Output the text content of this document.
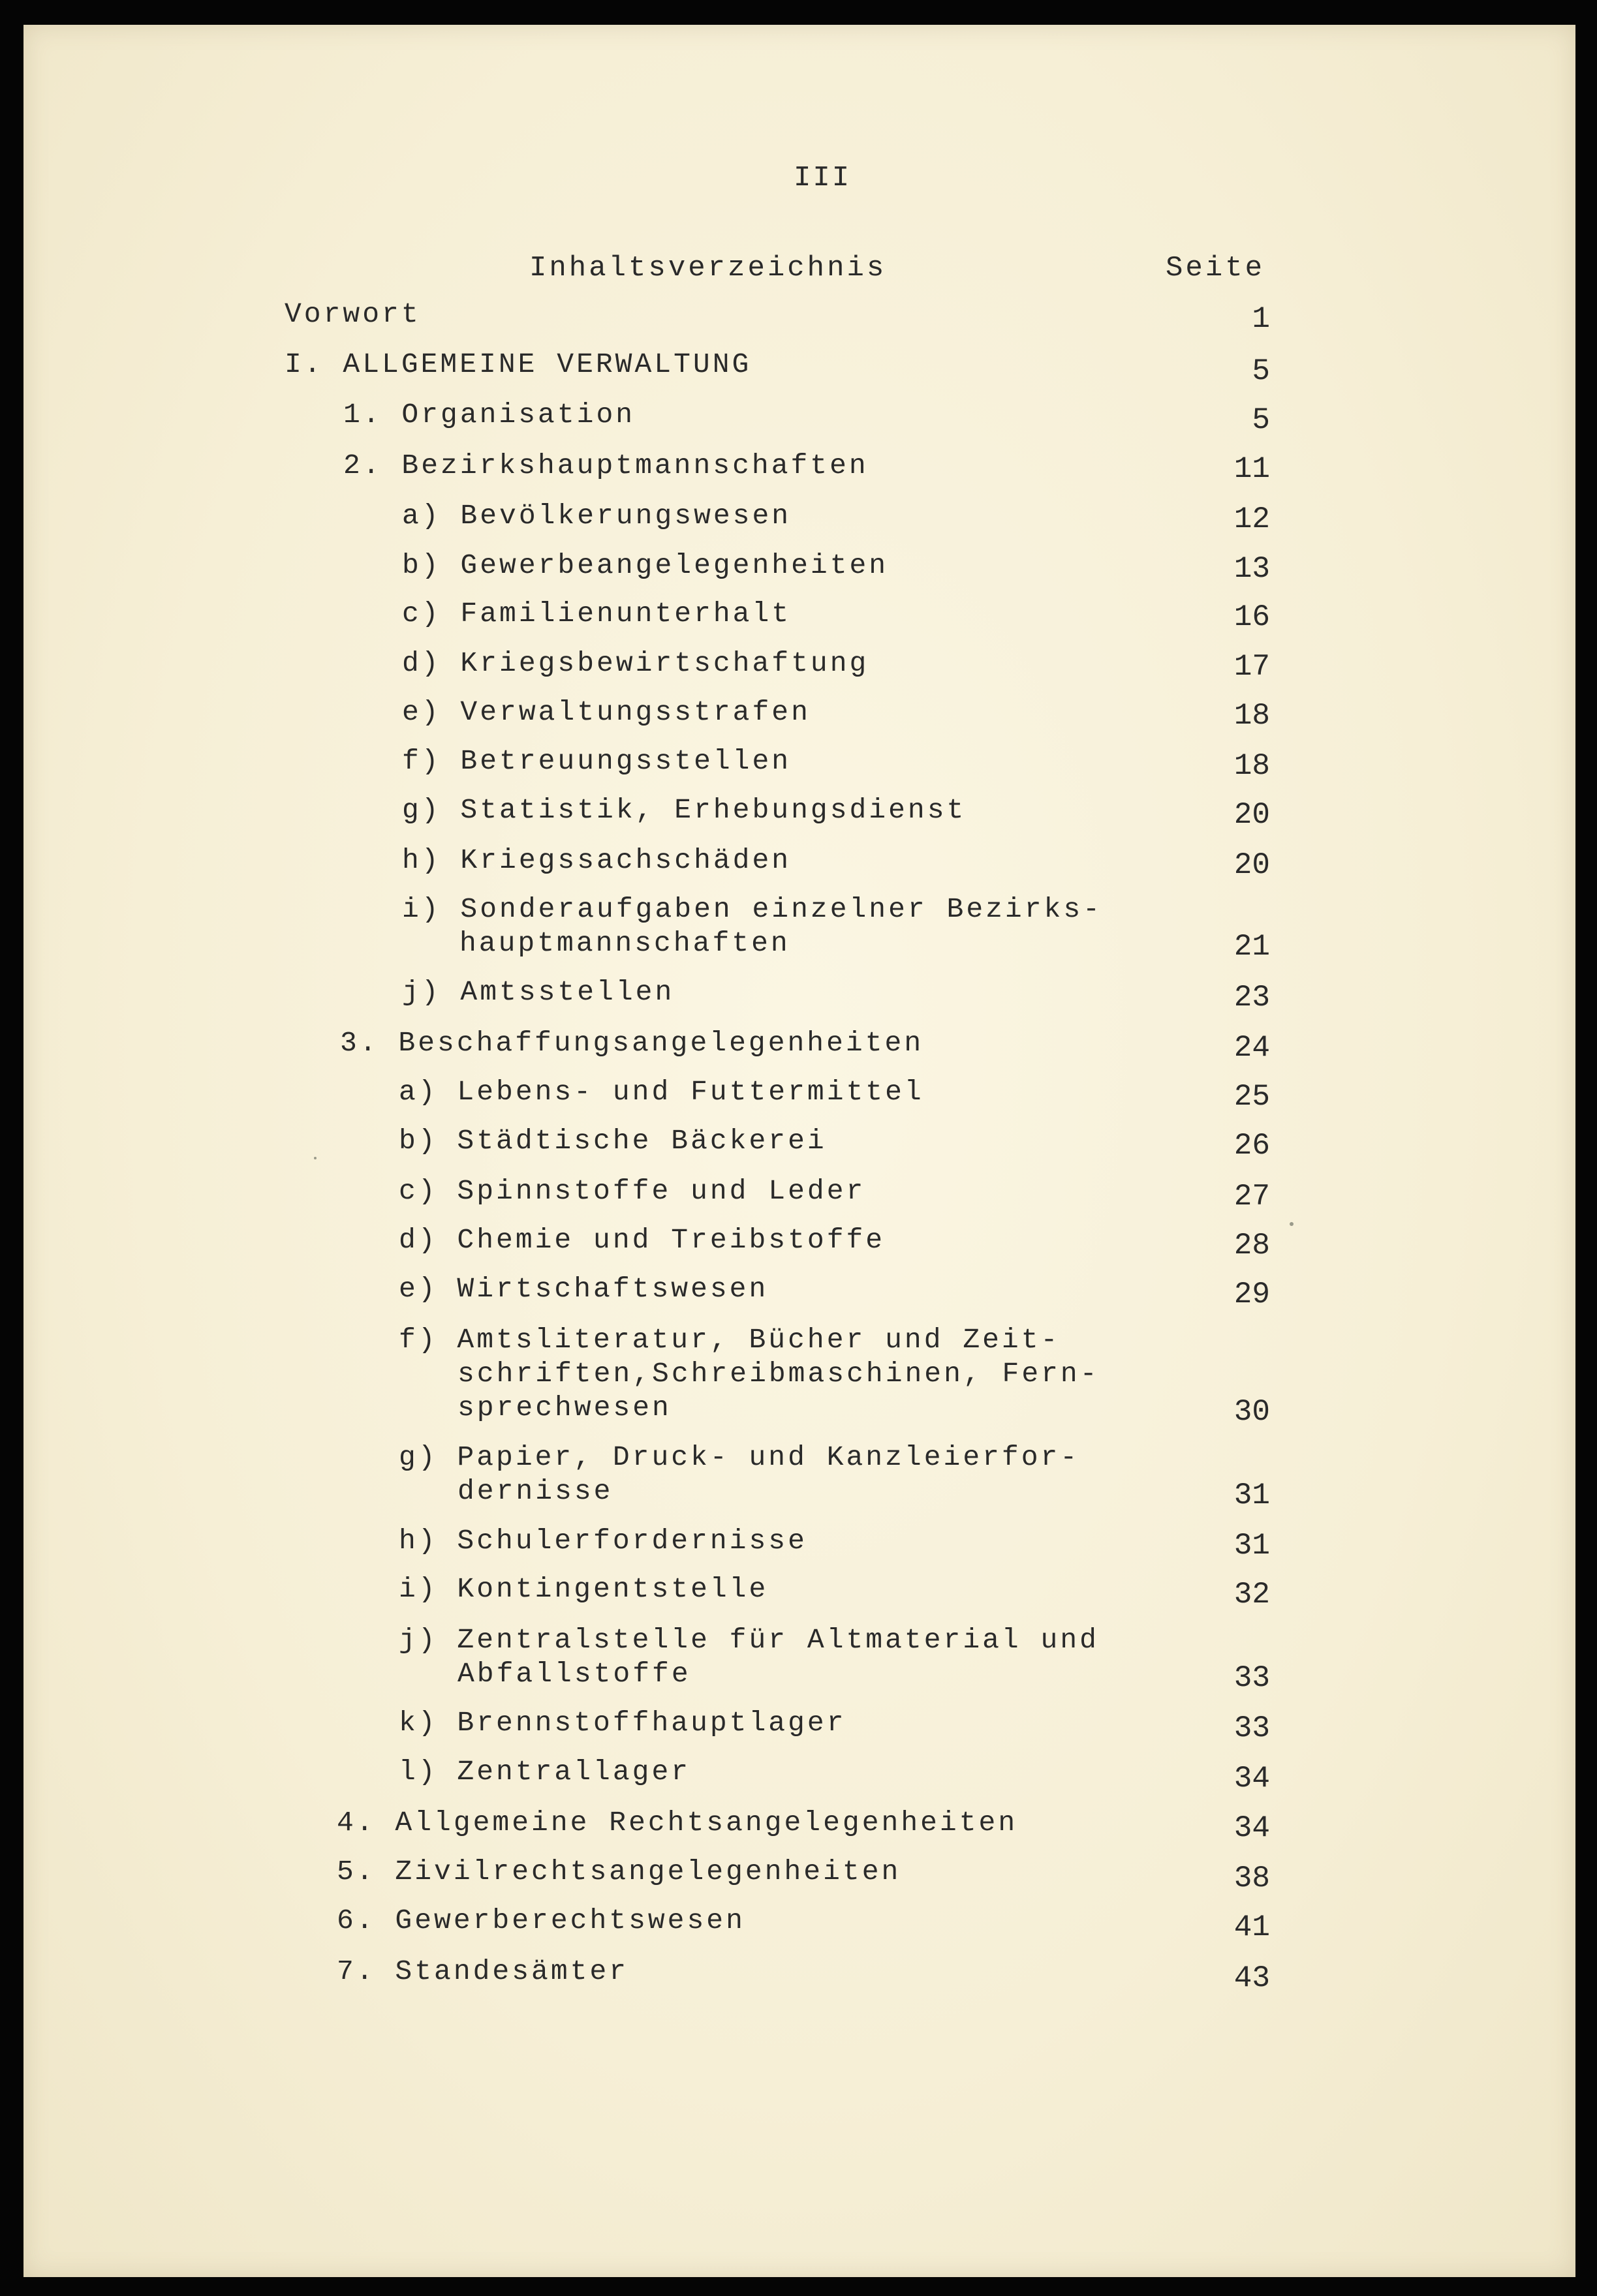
III
Inhaltsverzeichnis	Seite
Vorwort	1
I. ALLGEMEINE VERWALTUNG	5
1. Organisation	5
2. Bezirkshauptmannschaften	11
a) Bevölkerungswesen	12
b) Gewerbeangelegenheiten	13
c) Familienunterhalt	16
d) Kriegsbewirtschaftung	17
e) Verwaltungsstrafen	18
f) Betreuungsstellen	18
g) Statistik, Erhebungsdienst	20
h) Kriegssachschäden	20
i) Sonderaufgaben einzelner Bezirks-
hauptmannschaften	21
j) Amtsstellen	23
3. Beschaffungsangelegenheiten	24
a) Lebens- und Futtermittel	25
b) Städtische Bäckerei	26
c) Spinnstoffe und Leder	27
d) Chemie und Treibstoffe	28
e) Wirtschaftswesen	29
f) Amtsliteratur, Bücher und Zeit-
schriften,Schreibmaschinen, Fern-
sprechwesen	30
g) Papier, Druck- und Kanzleierfor-
dernisse	31
h) Schulerfordernisse	31
i) Kontingentstelle	32
j) Zentralstelle für Altmaterial und
Abfallstoffe	33
k) Brennstoffhauptlager	33
l) Zentrallager	34
4. Allgemeine Rechtsangelegenheiten	34
5. Zivilrechtsangelegenheiten	38
6. Gewerberechtswesen	41
7. Standesämter	43
